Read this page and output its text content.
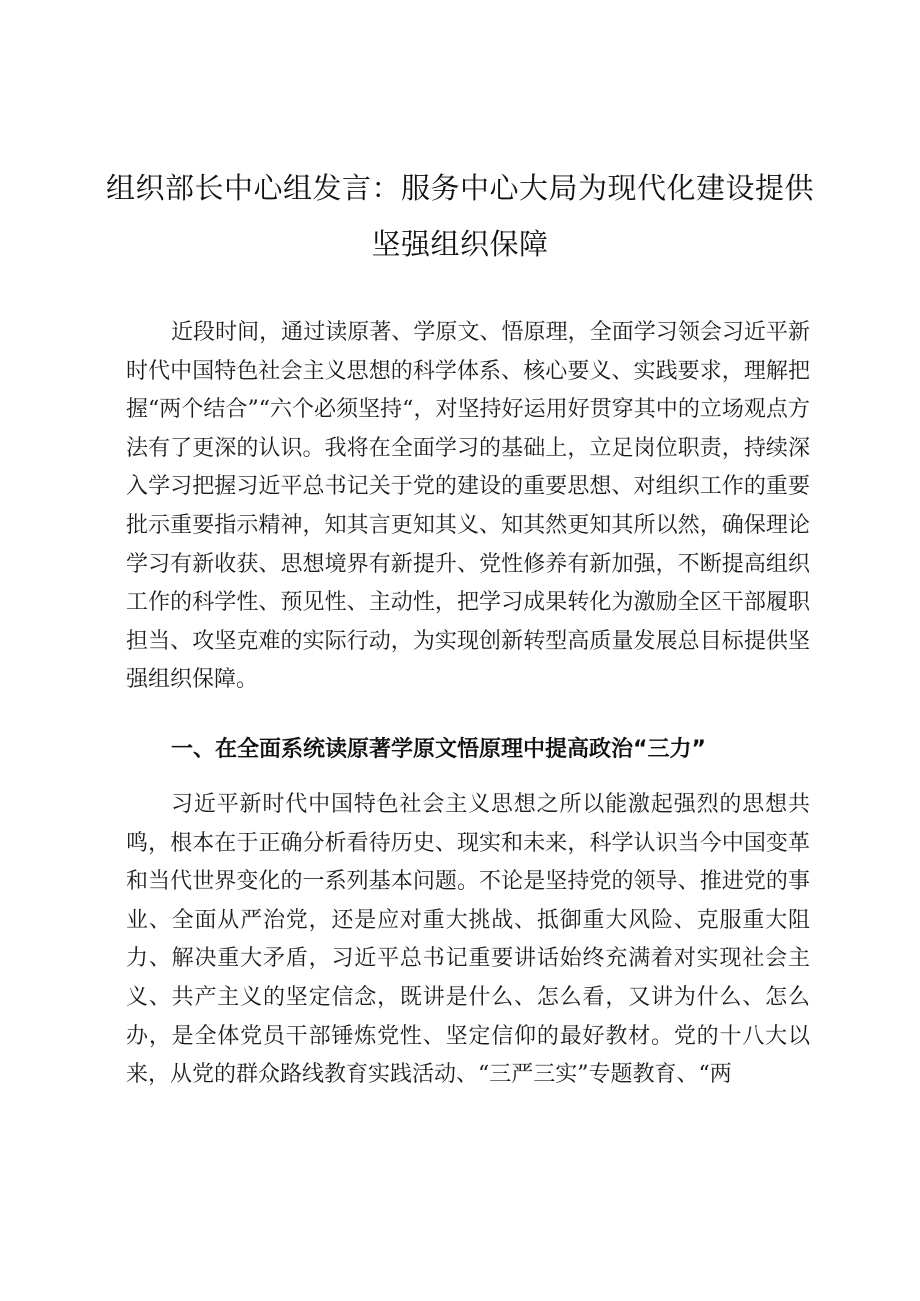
组织部长中心组发言：服务中心大局为现代化建设提供
坚强组织保障

近段时间，通过读原著、学原文、悟原理，全面学习领会习近平新时代中国特色社会主义思想的科学体系、核心要义、实践要求，理解把握“两个结合”“六个必须坚持“，对坚持好运用好贯穿其中的立场观点方法有了更深的认识。我将在全面学习的基础上，立足岗位职责，持续深入学习把握习近平总书记关于党的建设的重要思想、对组织工作的重要批示重要指示精神，知其言更知其义、知其然更知其所以然，确保理论学习有新收获、思想境界有新提升、党性修养有新加强，不断提高组织工作的科学性、预见性、主动性，把学习成果转化为激励全区干部履职担当、攻坚克难的实际行动，为实现创新转型高质量发展总目标提供坚强组织保障。

一、在全面系统读原著学原文悟原理中提高政治“三力”

习近平新时代中国特色社会主义思想之所以能激起强烈的思想共鸣，根本在于正确分析看待历史、现实和未来，科学认识当今中国变革和当代世界变化的一系列基本问题。不论是坚持党的领导、推进党的事业、全面从严治党，还是应对重大挑战、抵御重大风险、克服重大阻力、解决重大矛盾，习近平总书记重要讲话始终充满着对实现社会主义、共产主义的坚定信念，既讲是什么、怎么看，又讲为什么、怎么办，是全体党员干部锤炼党性、坚定信仰的最好教材。党的十八大以来，从党的群众路线教育实践活动、“三严三实”专题教育、“两
